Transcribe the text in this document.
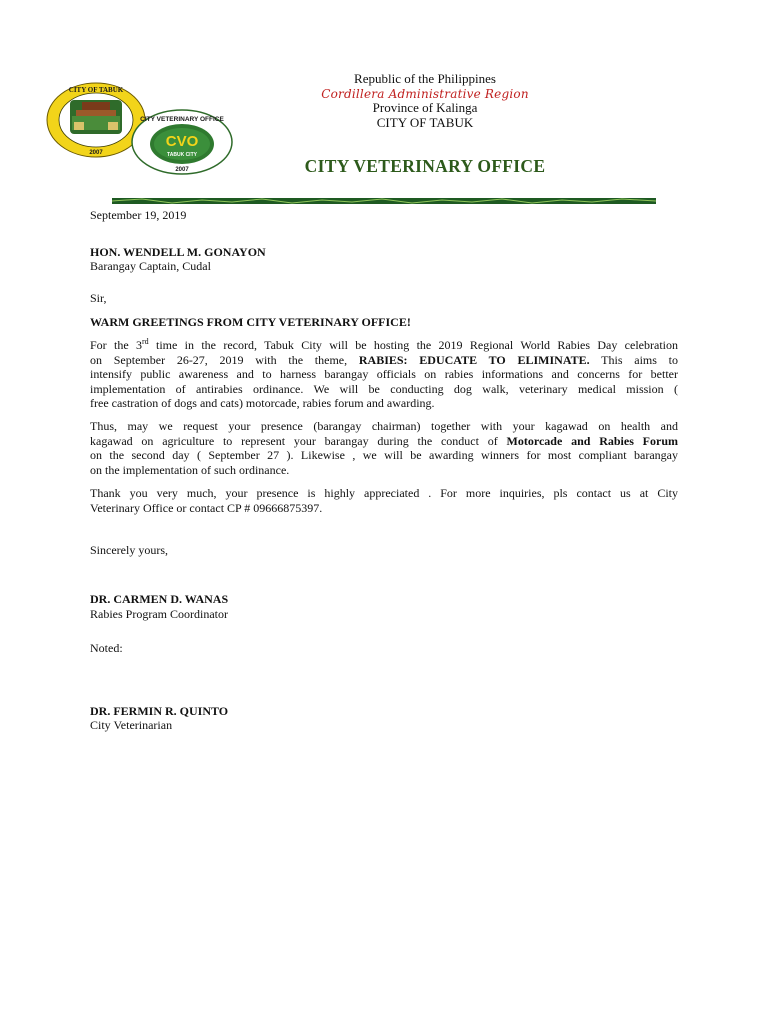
CITY OF TABUK
2007
CITY VETERINARY OFFICE
CVO
TABUK CITY
2007
Republic of the Philippines
Cordillera Administrative Region
Province of Kalinga
CITY OF TABUK
CITY VETERINARY OFFICE
September 19, 2019
HON. WENDELL M. GONAYON
Barangay Captain, Cudal
Sir,
WARM GREETINGS FROM CITY VETERINARY OFFICE!
For the 3rd time in the record, Tabuk City will be hosting the 2019 Regional World Rabies Day celebration
on September 26-27, 2019 with the theme, RABIES: EDUCATE TO ELIMINATE. This aims to
intensify public awareness and to harness barangay officials on rabies informations and concerns for better
implementation of antirabies ordinance. We will be conducting dog walk, veterinary medical mission (
free castration of dogs and cats) motorcade, rabies forum and awarding.
Thus, may we request your presence (barangay chairman) together with your kagawad on health and
kagawad on agriculture to represent your barangay during the conduct of Motorcade and Rabies Forum
on the second day ( September 27 ). Likewise , we will be awarding winners for most compliant barangay
on the implementation of such ordinance.
Thank you very much, your presence is highly appreciated . For more inquiries, pls contact us at City
Veterinary Office or contact CP # 09666875397.
Sincerely yours,
DR. CARMEN D. WANAS
Rabies Program Coordinator
Noted:
DR. FERMIN R. QUINTO
City Veterinarian
